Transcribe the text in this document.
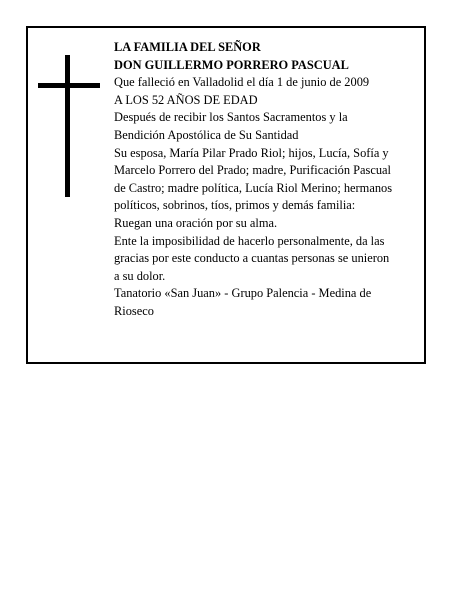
LA FAMILIA DEL SEÑOR
DON GUILLERMO PORRERO PASCUAL
Que falleció en Valladolid el día 1 de junio de 2009
A LOS 52 AÑOS DE EDAD
Después de recibir los Santos Sacramentos y la
Bendición Apostólica de Su Santidad
Su esposa, María Pilar Prado Riol; hijos, Lucía, Sofía y
Marcelo Porrero del Prado; madre, Purificación Pascual
de Castro; madre política, Lucía Riol Merino; hermanos
políticos, sobrinos, tíos, primos y demás familia:
Ruegan una oración por su alma.
Ente la imposibilidad de hacerlo personalmente, da las
gracias por este conducto a cuantas personas se unieron
a su dolor.
Tanatorio «San Juan» - Grupo Palencia - Medina de
Rioseco
